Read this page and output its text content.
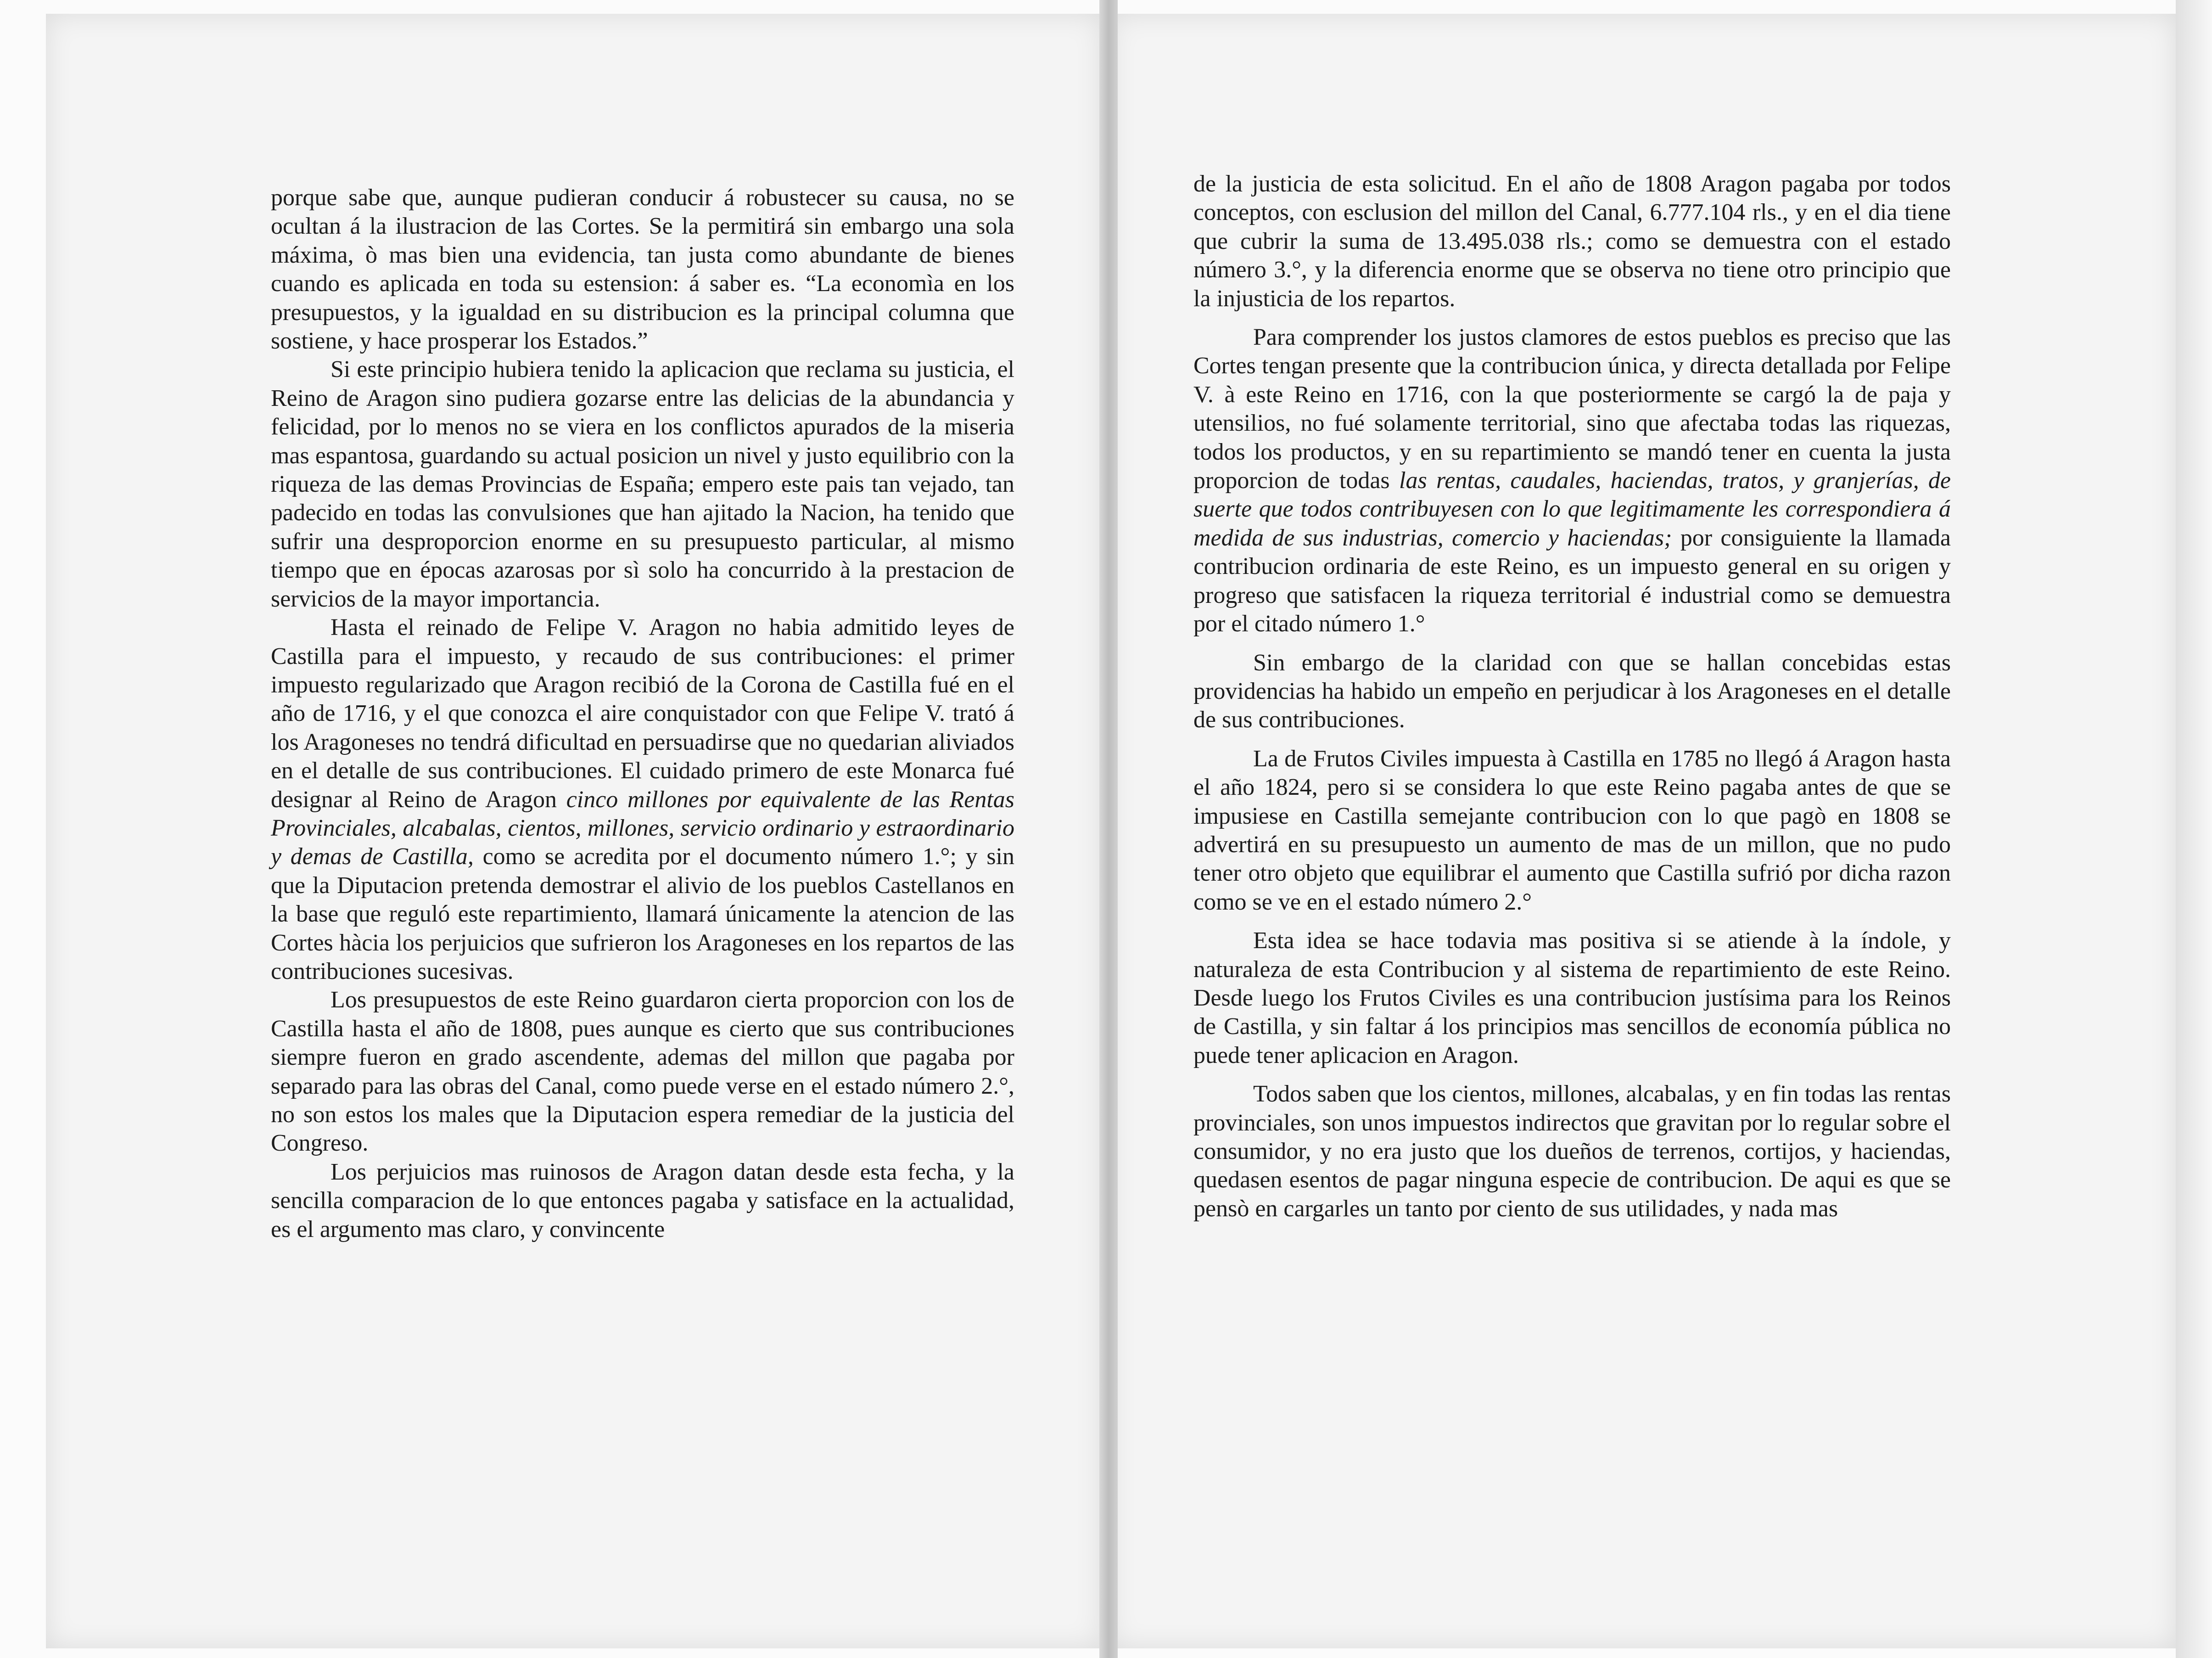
porque sabe que, aunque pudieran conducir á robustecer su causa, no se ocultan á la ilustracion de las Cortes. Se la permitirá sin embargo una sola máxima, ò mas bien una evidencia, tan justa como abundante de bienes cuando es aplicada en toda su estension: á saber es. “La economìa en los presupuestos, y la igualdad en su distribucion es la principal columna que sostiene, y hace prosperar los Estados.”

Si este principio hubiera tenido la aplicacion que reclama su justicia, el Reino de Aragon sino pudiera gozarse entre las delicias de la abundancia y felicidad, por lo menos no se viera en los conflictos apurados de la miseria mas espantosa, guardando su actual posicion un nivel y justo equilibrio con la riqueza de las demas Provincias de España; empero este pais tan vejado, tan padecido en todas las convulsiones que han ajitado la Nacion, ha tenido que sufrir una desproporcion enorme en su presupuesto particular, al mismo tiempo que en épocas azarosas por sì solo ha concurrido à la prestacion de servicios de la mayor importancia.

Hasta el reinado de Felipe V. Aragon no habia admitido leyes de Castilla para el impuesto, y recaudo de sus contribuciones: el primer impuesto regularizado que Aragon recibió de la Corona de Castilla fué en el año de 1716, y el que conozca el aire conquistador con que Felipe V. trató á los Aragoneses no tendrá dificultad en persuadirse que no quedarian aliviados en el detalle de sus contribuciones. El cuidado primero de este Monarca fué designar al Reino de Aragon cinco millones por equivalente de las Rentas Provinciales, alcabalas, cientos, millones, servicio ordinario y estraordinario y demas de Castilla, como se acredita por el documento número 1.°; y sin que la Diputacion pretenda demostrar el alivio de los pueblos Castellanos en la base que reguló este repartimiento, llamará únicamente la atencion de las Cortes hàcia los perjuicios que sufrieron los Aragoneses en los repartos de las contribuciones sucesivas.

Los presupuestos de este Reino guardaron cierta proporcion con los de Castilla hasta el año de 1808, pues aunque es cierto que sus contribuciones siempre fueron en grado ascendente, ademas del millon que pagaba por separado para las obras del Canal, como puede verse en el estado número 2.°, no son estos los males que la Diputacion espera remediar de la justicia del Congreso.

Los perjuicios mas ruinosos de Aragon datan desde esta fecha, y la sencilla comparacion de lo que entonces pagaba y satisface en la actualidad, es el argumento mas claro, y convincente

de la justicia de esta solicitud. En el año de 1808 Aragon pagaba por todos conceptos, con esclusion del millon del Canal, 6.777.104 rls., y en el dia tiene que cubrir la suma de 13.495.038 rls.; como se demuestra con el estado número 3.°, y la diferencia enorme que se observa no tiene otro principio que la injusticia de los repartos.

Para comprender los justos clamores de estos pueblos es preciso que las Cortes tengan presente que la contribucion única, y directa detallada por Felipe V. à este Reino en 1716, con la que posteriormente se cargó la de paja y utensilios, no fué solamente territorial, sino que afectaba todas las riquezas, todos los productos, y en su repartimiento se mandó tener en cuenta la justa proporcion de todas las rentas, caudales, haciendas, tratos, y granjerías, de suerte que todos contribuyesen con lo que legitimamente les correspondiera á medida de sus industrias, comercio y haciendas; por consiguiente la llamada contribucion ordinaria de este Reino, es un impuesto general en su origen y progreso que satisfacen la riqueza territorial é industrial como se demuestra por el citado número 1.°

Sin embargo de la claridad con que se hallan concebidas estas providencias ha habido un empeño en perjudicar à los Aragoneses en el detalle de sus contribuciones.

La de Frutos Civiles impuesta à Castilla en 1785 no llegó á Aragon hasta el año 1824, pero si se considera lo que este Reino pagaba antes de que se impusiese en Castilla semejante contribucion con lo que pagò en 1808 se advertirá en su presupuesto un aumento de mas de un millon, que no pudo tener otro objeto que equilibrar el aumento que Castilla sufrió por dicha razon como se ve en el estado número 2.°

Esta idea se hace todavia mas positiva si se atiende à la índole, y naturaleza de esta Contribucion y al sistema de repartimiento de este Reino. Desde luego los Frutos Civiles es una contribucion justísima para los Reinos de Castilla, y sin faltar á los principios mas sencillos de economía pública no puede tener aplicacion en Aragon.

Todos saben que los cientos, millones, alcabalas, y en fin todas las rentas provinciales, son unos impuestos indirectos que gravitan por lo regular sobre el consumidor, y no era justo que los dueños de terrenos, cortijos, y haciendas, quedasen esentos de pagar ninguna especie de contribucion. De aqui es que se pensò en cargarles un tanto por ciento de sus utilidades, y nada mas
